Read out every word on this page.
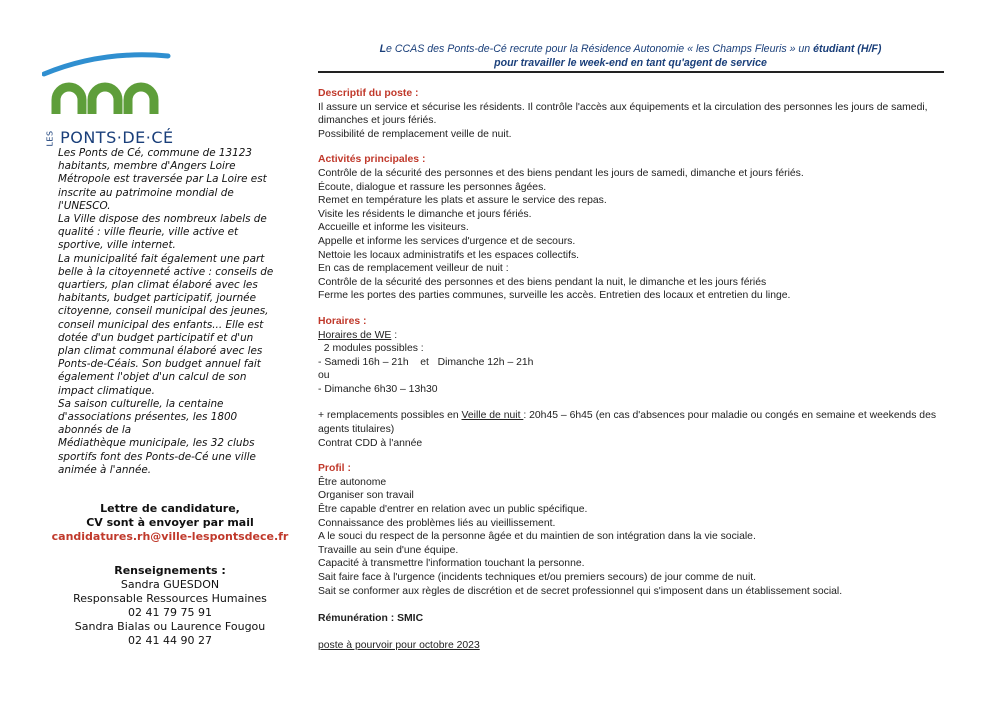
LES PONTS·DE·CÉ

Les Ponts de Cé, commune de 13123 habitants, membre d'Angers Loire Métropole est traversée par La Loire est inscrite au patrimoine mondial de l'UNESCO.

La Ville dispose des nombreux labels de qualité : ville fleurie, ville active et sportive, ville internet.

La municipalité fait également une part belle à la citoyenneté active : conseils de quartiers, plan climat élaboré avec les habitants, budget participatif, journée citoyenne, conseil municipal des jeunes, conseil municipal des enfants... Elle est dotée d'un budget participatif et d'un plan climat communal élaboré avec les Ponts-de-Céais. Son budget annuel fait également l'objet d'un calcul de son impact climatique.

Sa saison culturelle, la centaine d'associations présentes, les 1800 abonnés de la

Médiathèque municipale, les 32 clubs sportifs font des Ponts-de-Cé une ville animée à l'année.

Lettre de candidature,
CV sont à envoyer par mail
candidatures.rh@ville-lespontsdece.fr
Renseignements :
Sandra GUESDON
Responsable Ressources Humaines
02 41 79 75 91
Sandra Bialas ou Laurence Fougou
02 41 44 90 27
Le CCAS des Ponts-de-Cé recrute pour la Résidence Autonomie « les Champs Fleuris » un étudiant (H/F)
pour travailler le week-end en tant qu'agent de service

Descriptif du poste :

Il assure un service et sécurise les résidents. Il contrôle l'accès aux équipements et la circulation des personnes les jours de samedi, dimanches et jours fériés.

Possibilité de remplacement veille de nuit.

Activités principales :

Contrôle de la sécurité des personnes et des biens pendant les jours de samedi, dimanche et jours fériés.

Écoute, dialogue et rassure les personnes âgées.

Remet en température les plats et assure le service des repas.

Visite les résidents le dimanche et jours fériés.

Accueille et informe les visiteurs.

Appelle et informe les services d'urgence et de secours.

Nettoie les locaux administratifs et les espaces collectifs.

En cas de remplacement veilleur de nuit :

Contrôle de la sécurité des personnes et des biens pendant la nuit, le dimanche et les jours fériés

Ferme les portes des parties communes, surveille les accès. Entretien des locaux et entretien du linge.

Horaires :

Horaires de WE :

2 modules possibles :

- Samedi 16h – 21h    et   Dimanche 12h – 21h

ou

- Dimanche 6h30 – 13h30

+ remplacements possibles en Veille de nuit : 20h45 – 6h45 (en cas d'absences pour maladie ou congés en semaine et weekends des agents titulaires)

Contrat CDD à l'année

Profil :

Être autonome

Organiser son travail

Être capable d'entrer en relation avec un public spécifique.

Connaissance des problèmes liés au vieillissement.

A le souci du respect de la personne âgée et du maintien de son intégration dans la vie sociale.

Travaille au sein d'une équipe.

Capacité à transmettre l'information touchant la personne.

Sait faire face à l'urgence (incidents techniques et/ou premiers secours) de jour comme de nuit.

Sait se conformer aux règles de discrétion et de secret professionnel qui s'imposent dans un établissement social.

Rémunération : SMIC

poste à pourvoir pour octobre 2023
